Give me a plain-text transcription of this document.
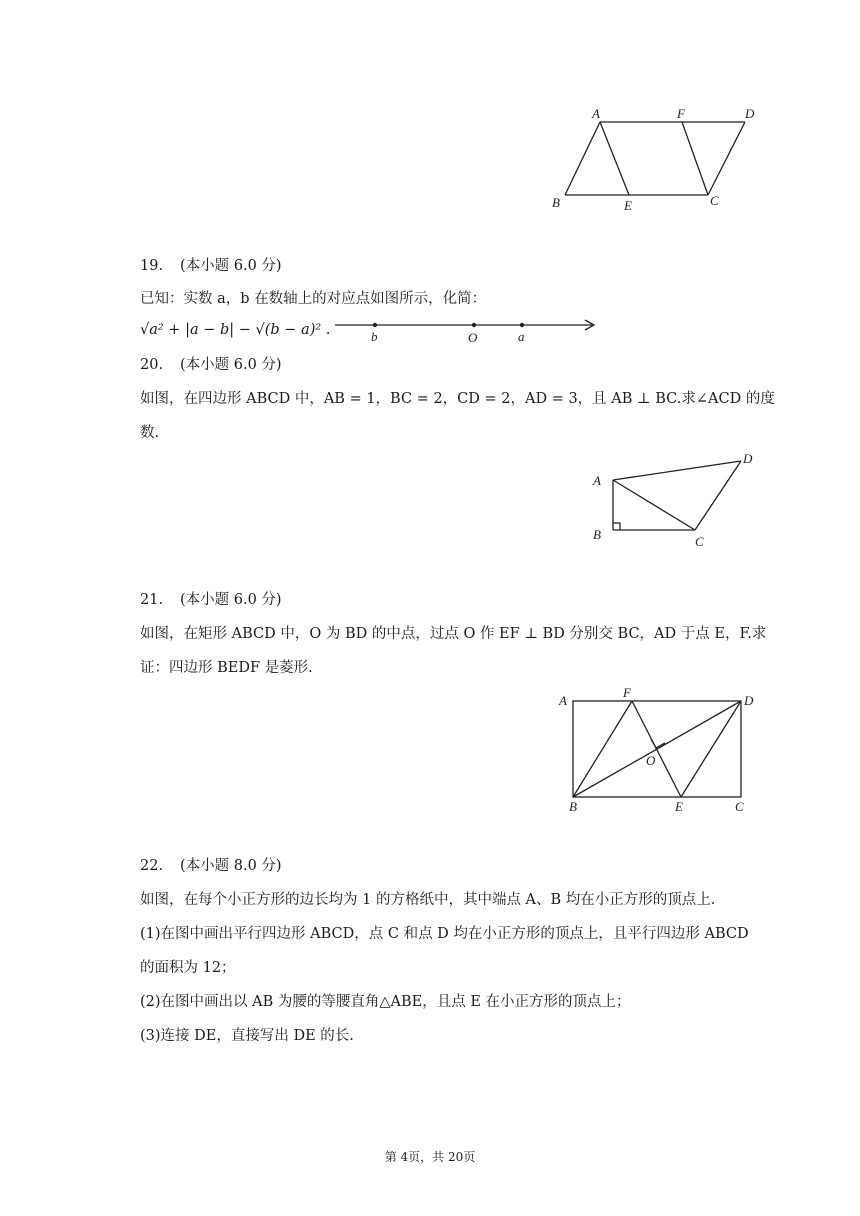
A	F	D
B	E	C
19. (本小题 6.0 分)
已知：实数 a，b 在数轴上的对应点如图所示，化简：
√a² + |a − b| − √(b − a)² .	b	O	a
20. (本小题 6.0 分)
如图，在四边形 ABCD 中，AB = 1，BC = 2，CD = 2，AD = 3，且 AB ⊥ BC.求∠ACD 的度
数.
A
B	C
D
21. (本小题 6.0 分)
如图，在矩形 ABCD 中，O 为 BD 的中点，过点 O 作 EF ⊥ BD 分别交 BC，AD 于点 E，F.求
证：四边形 BEDF 是菱形.
A
F
D
O
B	E	C
22. (本小题 8.0 分)
如图，在每个小正方形的边长均为 1 的方格纸中，其中端点 A、B 均在小正方形的顶点上.
(1)在图中画出平行四边形 ABCD，点 C 和点 D 均在小正方形的顶点上，且平行四边形 ABCD
的面积为 12；
(2)在图中画出以 AB 为腰的等腰直角△ABE，且点 E 在小正方形的顶点上；
(3)连接 DE，直接写出 DE 的长.
第 4页，共 20页
